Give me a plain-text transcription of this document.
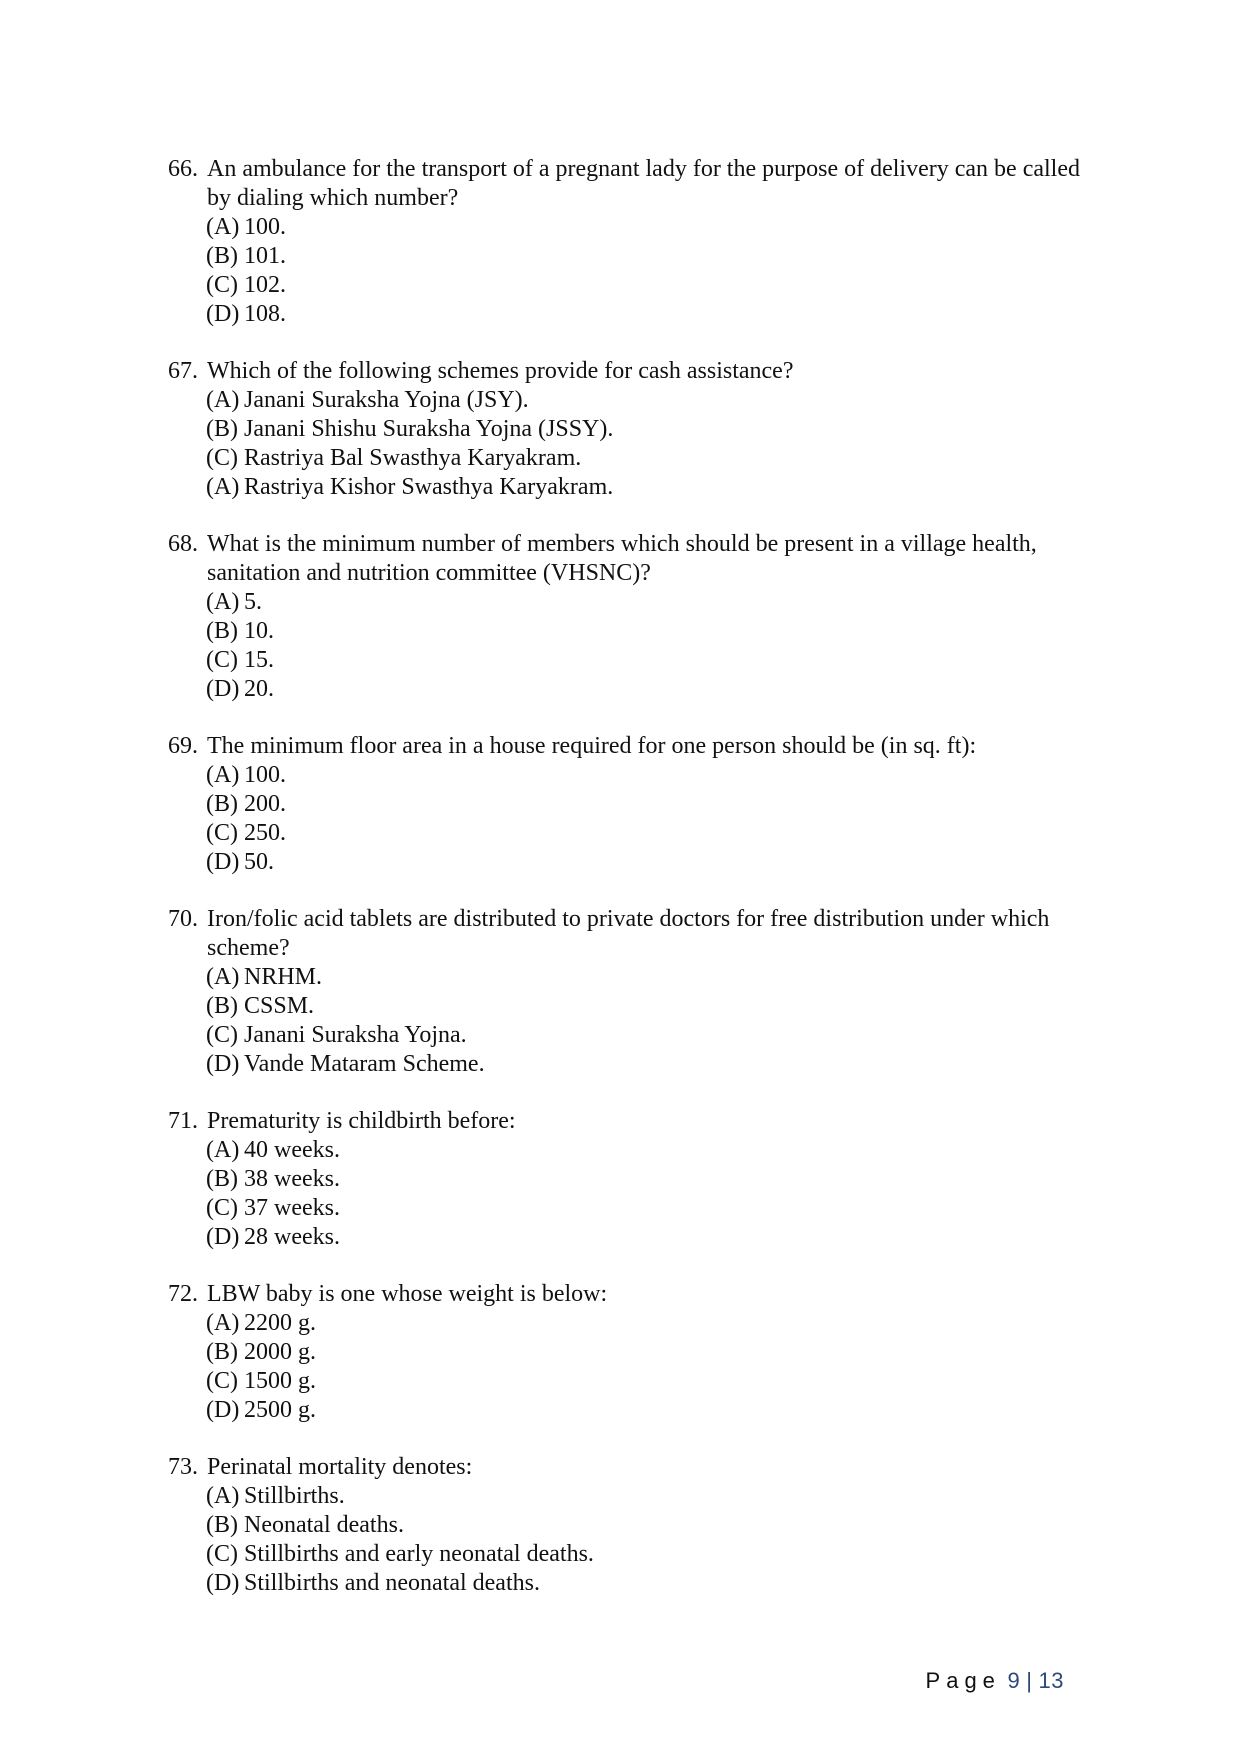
66. An ambulance for the transport of a pregnant lady for the purpose of delivery can be called by dialing which number?
(A) 100.
(B) 101.
(C) 102.
(D) 108.
67. Which of the following schemes provide for cash assistance?
(A) Janani Suraksha Yojna (JSY).
(B) Janani Shishu Suraksha Yojna (JSSY).
(C) Rastriya Bal Swasthya Karyakram.
(A) Rastriya Kishor Swasthya Karyakram.
68. What is the minimum number of members which should be present in a village health, sanitation and nutrition committee (VHSNC)?
(A) 5.
(B) 10.
(C) 15.
(D) 20.
69. The minimum floor area in a house required for one person should be (in sq. ft):
(A) 100.
(B) 200.
(C) 250.
(D) 50.
70. Iron/folic acid tablets are distributed to private doctors for free distribution under which scheme?
(A) NRHM.
(B) CSSM.
(C) Janani Suraksha Yojna.
(D) Vande Mataram Scheme.
71. Prematurity is childbirth before:
(A) 40 weeks.
(B) 38 weeks.
(C) 37 weeks.
(D) 28 weeks.
72. LBW baby is one whose weight is below:
(A) 2200 g.
(B) 2000 g.
(C) 1500 g.
(D) 2500 g.
73. Perinatal mortality denotes:
(A) Stillbirths.
(B) Neonatal deaths.
(C) Stillbirths and early neonatal deaths.
(D) Stillbirths and neonatal deaths.
Page 9 | 13
